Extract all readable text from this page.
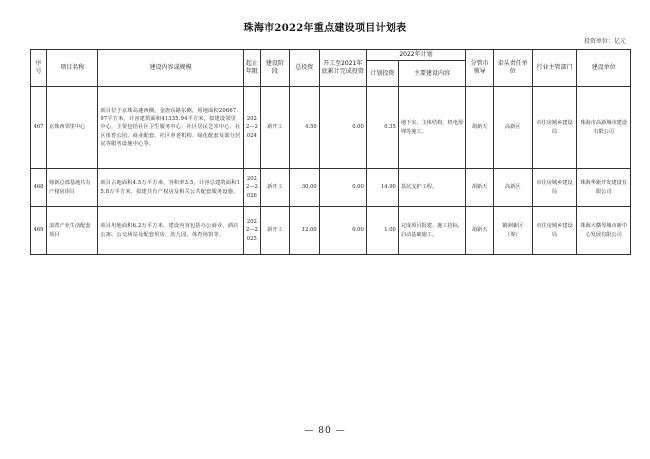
珠海市2022年重点建设项目计划表
投资单位：亿元
序号	项目名称	建设内容或规模	起止年限	建设阶段	总投资	开工至2021年底累计完成投资	2022年计划		分管市领导	牵头责任单位	行业主管部门	建设单位
							计划投资	主要建设内容				
467	京珠西邻里中心	项目位于京珠高速西侧、金唐东路东侧，用地面积20667.97平方米，计容建筑面积41335.94平方米，拟建设邻里中心，主要包括社区卫生服务中心、社区居民艺术中心、社区体育公园、商业配套、社区养老机构、绿化配套及部分居民等服务设施中心等。	2022—2024	新开工	4.50	0.00	0.35	地下室、主体结构、机电预埋等施工。	胡新天	高新区	市住房城乡建设局	珠海市高新城市建设有限公司
468	鼎新总部基地共有产权房项目	项目占地面积4.5万平方米，容积率3.5，计容总建筑面积15.8万平方米，拟建共有产权房及相关公共配套服务设施。	2022—2026	新开工	30.00	0.00	14.90	基坑支护工程。	胡新天	高新区	市住房城乡建设局	珠海华新开发建设有限公司
469	浪湾产业生活配套项目	项目用地面积6.2万平方米，建设内容包括办公商业、酒店公寓、公交场站及配套用房、幼儿园、体育场馆等。	2022—2025	新开工	12.00	0.00	1.00	完成项目报建、施工招标，启动基础施工。	胡新天	鹤洲新区（筹）	市住房城乡建设局	珠海大横琴城市新中心发展有限公司
— 80 —
